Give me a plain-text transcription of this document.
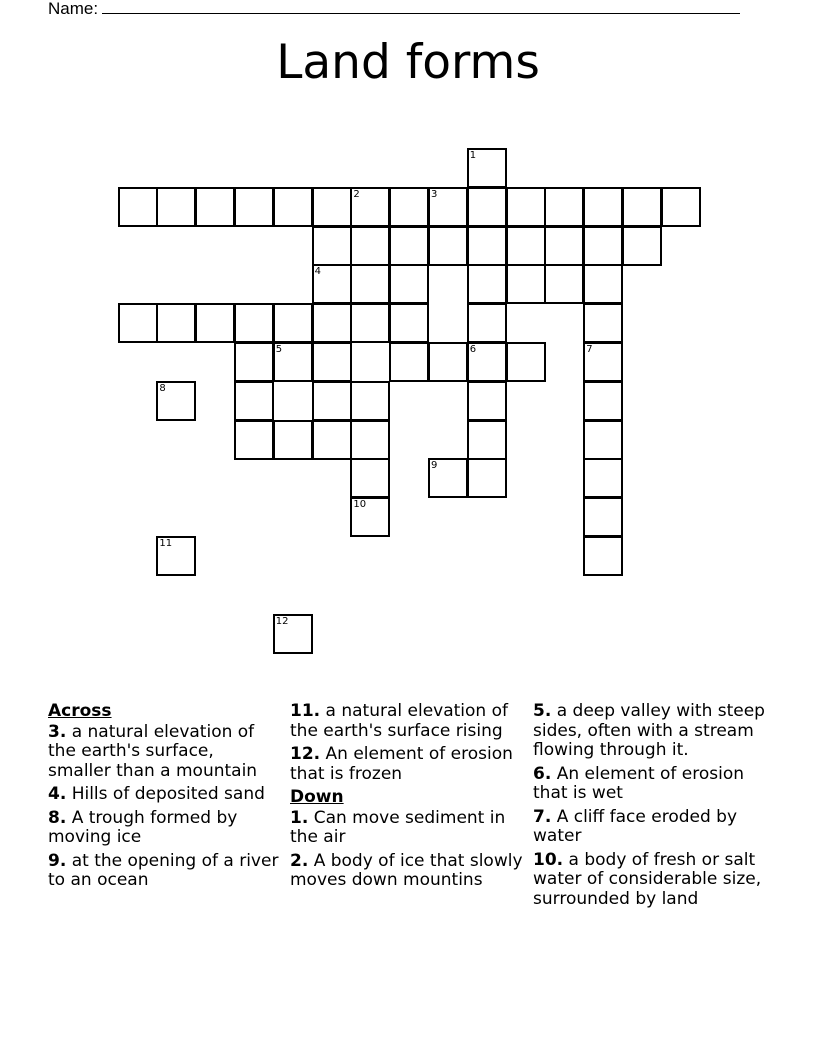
Name:
Land forms
2	3
6
1
7
10
4
5
8
9
11
12
Across
3. a natural elevation of the earth's surface, smaller than a mountain
4. Hills of deposited sand
8. A trough formed by moving ice
9. at the opening of a river to an ocean
11. a natural elevation of the earth's surface rising
12. An element of erosion that is frozen
Down
1. Can move sediment in the air
2. A body of ice that slowly moves down mountins
5. a deep valley with steep sides, often with a stream flowing through it.
6. An element of erosion that is wet
7. A cliff face eroded by water
10. a body of fresh or salt water of considerable size, surrounded by land
